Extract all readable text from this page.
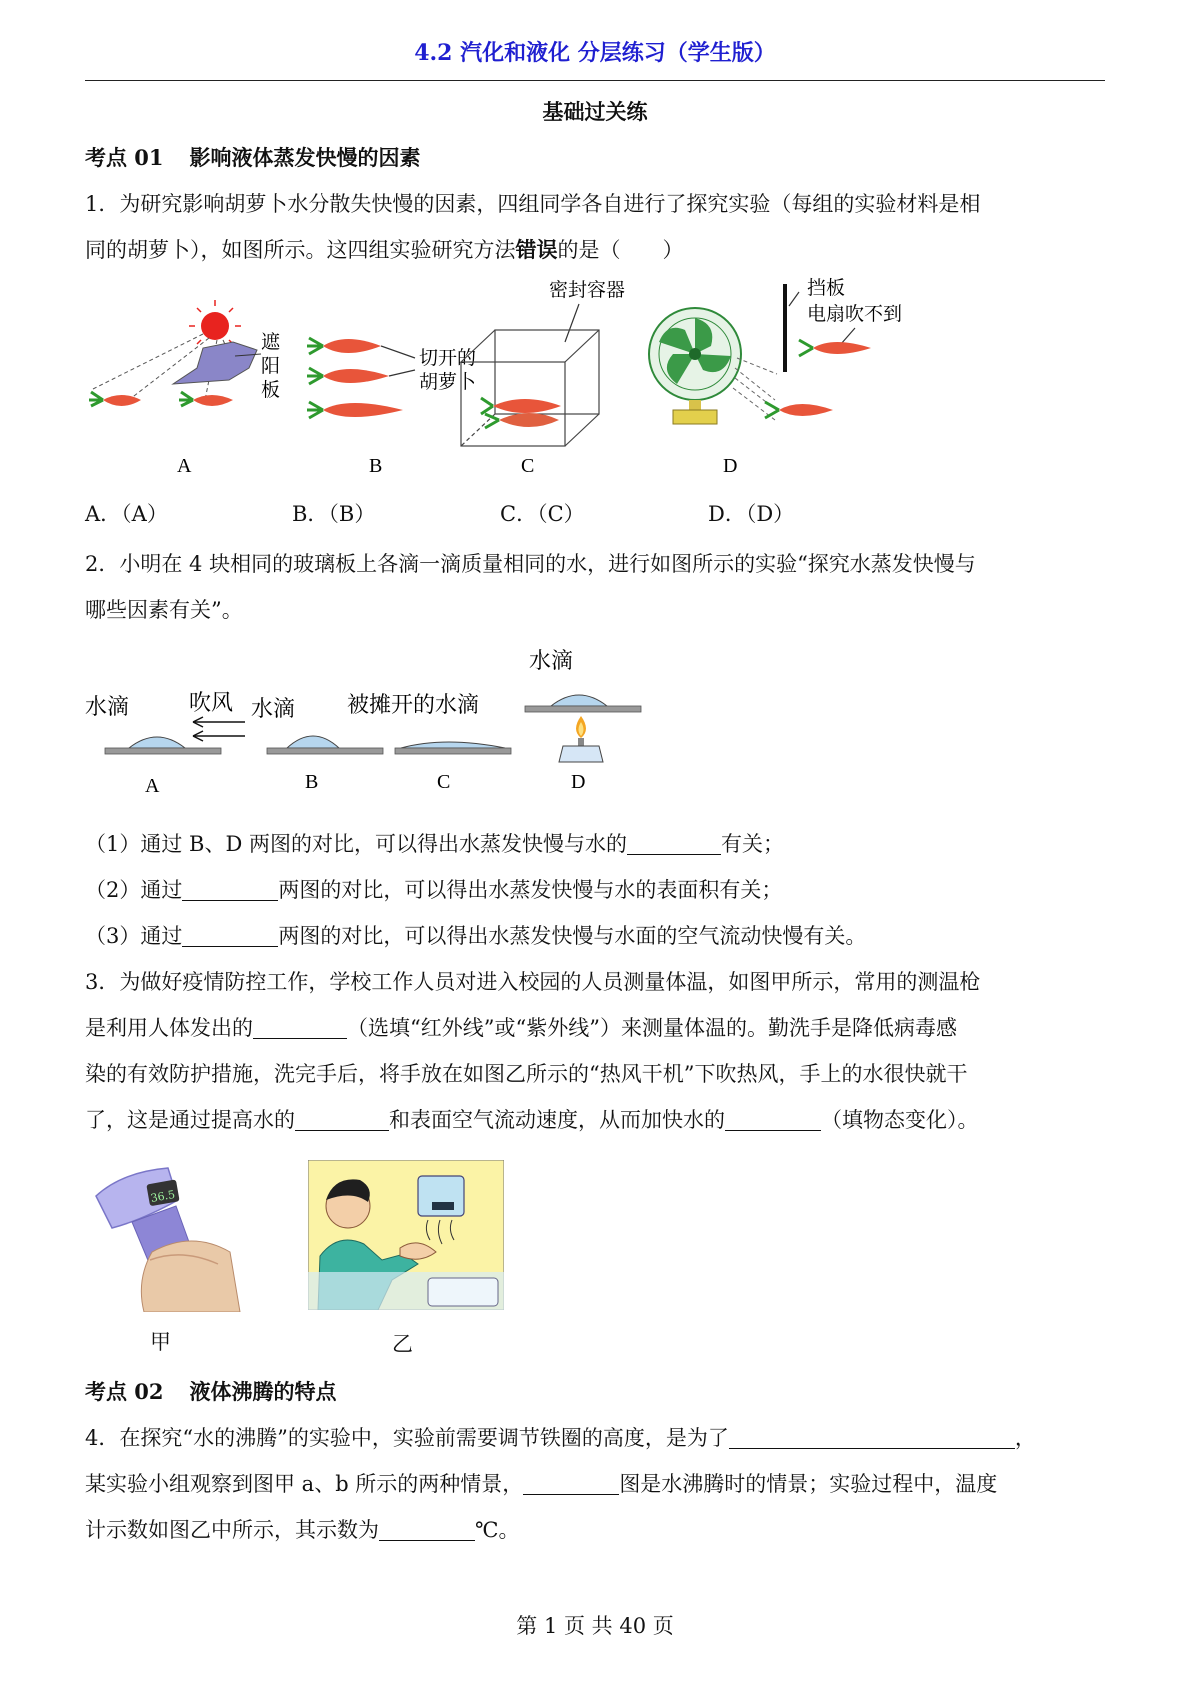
4.2 汽化和液化 分层练习（学生版）
基础过关练
考点 01 影响液体蒸发快慢的因素
1．为研究影响胡萝卜水分散失快慢的因素，四组同学各自进行了探究实验（每组的实验材料是相
同的胡萝卜），如图所示。这四组实验研究方法错误的是（　　）
遮
阳
板
A
切开的
胡萝卜
B
密封容器
C
挡板
电扇吹不到
D
A．（A）	B．（B）	C．（C）	D．（D）
2．小明在 4 块相同的玻璃板上各滴一滴质量相同的水，进行如图所示的实验“探究水蒸发快慢与
哪些因素有关”。
水滴	吹风
A
水滴
B
被摊开的水滴
C
水滴
D
（1）通过 B、D 两图的对比，可以得出水蒸发快慢与水的	有关；
（2）通过	两图的对比，可以得出水蒸发快慢与水的表面积有关；
（3）通过	两图的对比，可以得出水蒸发快慢与水面的空气流动快慢有关。
3．为做好疫情防控工作，学校工作人员对进入校园的人员测量体温，如图甲所示，常用的测温枪
是利用人体发出的	（选填“红外线”或“紫外线”）来测量体温的。勤洗手是降低病毒感
染的有效防护措施，洗完手后，将手放在如图乙所示的“热风干机”下吹热风，手上的水很快就干
了，这是通过提高水的	和表面空气流动速度，从而加快水的	（填物态变化）。
36.5
甲	乙
考点 02 液体沸腾的特点
4．在探究“水的沸腾”的实验中，实验前需要调节铁圈的高度，是为了	，
某实验小组观察到图甲 a、b 所示的两种情景，	图是水沸腾时的情景；实验过程中，温度
计示数如图乙中所示，其示数为	℃。
第 1 页 共 40 页
